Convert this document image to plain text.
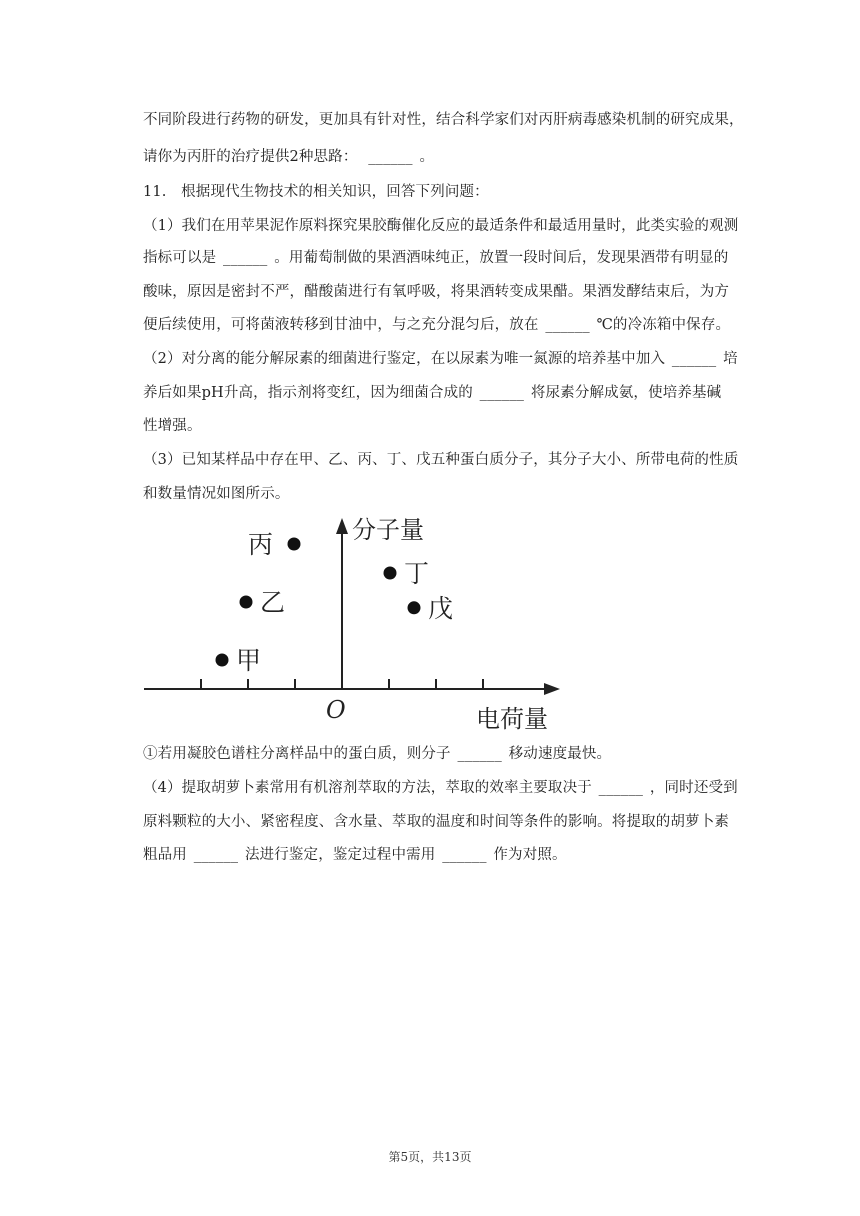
不同阶段进行药物的研发，更加具有针对性，结合科学家们对丙肝病毒感染机制的研究成果，
请你为丙肝的治疗提供2种思路： ______ 。
11.　根据现代生物技术的相关知识，回答下列问题：
（1）我们在用苹果泥作原料探究果胶酶催化反应的最适条件和最适用量时，此类实验的观测
指标可以是 ______ 。用葡萄制做的果酒酒味纯正，放置一段时间后，发现果酒带有明显的
酸味，原因是密封不严，醋酸菌进行有氧呼吸，将果酒转变成果醋。果酒发酵结束后，为方
便后续使用，可将菌液转移到甘油中，与之充分混匀后，放在 ______ ℃的冷冻箱中保存。
（2）对分离的能分解尿素的细菌进行鉴定，在以尿素为唯一氮源的培养基中加入 ______ 培
养后如果pH升高，指示剂将变红，因为细菌合成的 ______ 将尿素分解成氨，使培养基碱
性增强。
（3）已知某样品中存在甲、乙、丙、丁、戊五种蛋白质分子，其分子大小、所带电荷的性质
和数量情况如图所示。
甲
乙
丙
丁
戊
分子量
电荷量
O
①若用凝胶色谱柱分离样品中的蛋白质，则分子 ______ 移动速度最快。
（4）提取胡萝卜素常用有机溶剂萃取的方法，萃取的效率主要取决于 ______ ，同时还受到
原料颗粒的大小、紧密程度、含水量、萃取的温度和时间等条件的影响。将提取的胡萝卜素
粗品用 ______ 法进行鉴定，鉴定过程中需用 ______ 作为对照。
第5页，共13页
